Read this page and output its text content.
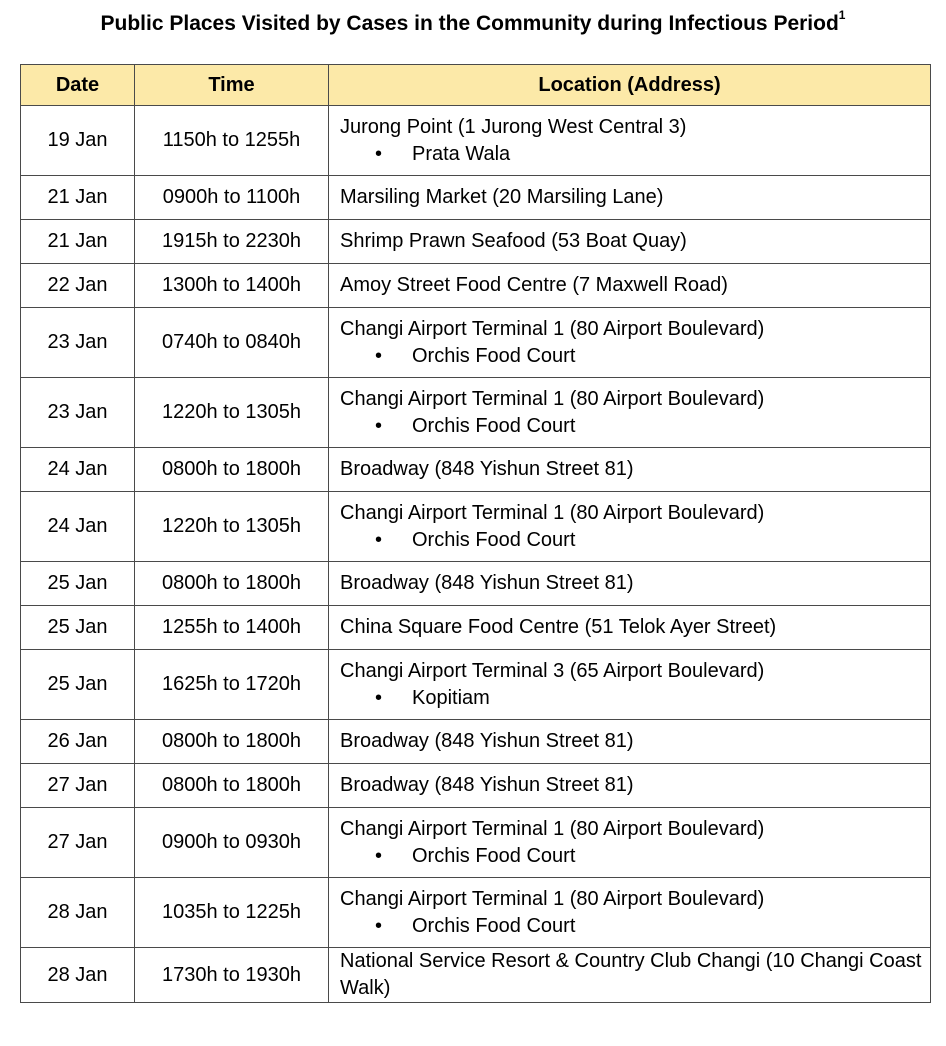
Public Places Visited by Cases in the Community during Infectious Period$^1$
Date	Time	Location (Address)
19 Jan	1150h to 1255h	Jurong Point (1 Jurong West Central 3)
• Prata Wala

21 Jan	0900h to 1100h	Marsiling Market (20 Marsiling Lane)

21 Jan	1915h to 2230h	Shrimp Prawn Seafood (53 Boat Quay)

22 Jan	1300h to 1400h	Amoy Street Food Centre (7 Maxwell Road)

23 Jan	0740h to 0840h	Changi Airport Terminal 1 (80 Airport Boulevard)
• Orchis Food Court

23 Jan	1220h to 1305h	Changi Airport Terminal 1 (80 Airport Boulevard)
• Orchis Food Court

24 Jan	0800h to 1800h	Broadway (848 Yishun Street 81)

24 Jan	1220h to 1305h	Changi Airport Terminal 1 (80 Airport Boulevard)
• Orchis Food Court

25 Jan	0800h to 1800h	Broadway (848 Yishun Street 81)

25 Jan	1255h to 1400h	China Square Food Centre (51 Telok Ayer Street)

25 Jan	1625h to 1720h	Changi Airport Terminal 3 (65 Airport Boulevard)
• Kopitiam

26 Jan	0800h to 1800h	Broadway (848 Yishun Street 81)

27 Jan	0800h to 1800h	Broadway (848 Yishun Street 81)

27 Jan	0900h to 0930h	Changi Airport Terminal 1 (80 Airport Boulevard)
• Orchis Food Court

28 Jan	1035h to 1225h	Changi Airport Terminal 1 (80 Airport Boulevard)
• Orchis Food Court

28 Jan	1730h to 1930h	National Service Resort & Country Club Changi (10 Changi Coast Walk)
